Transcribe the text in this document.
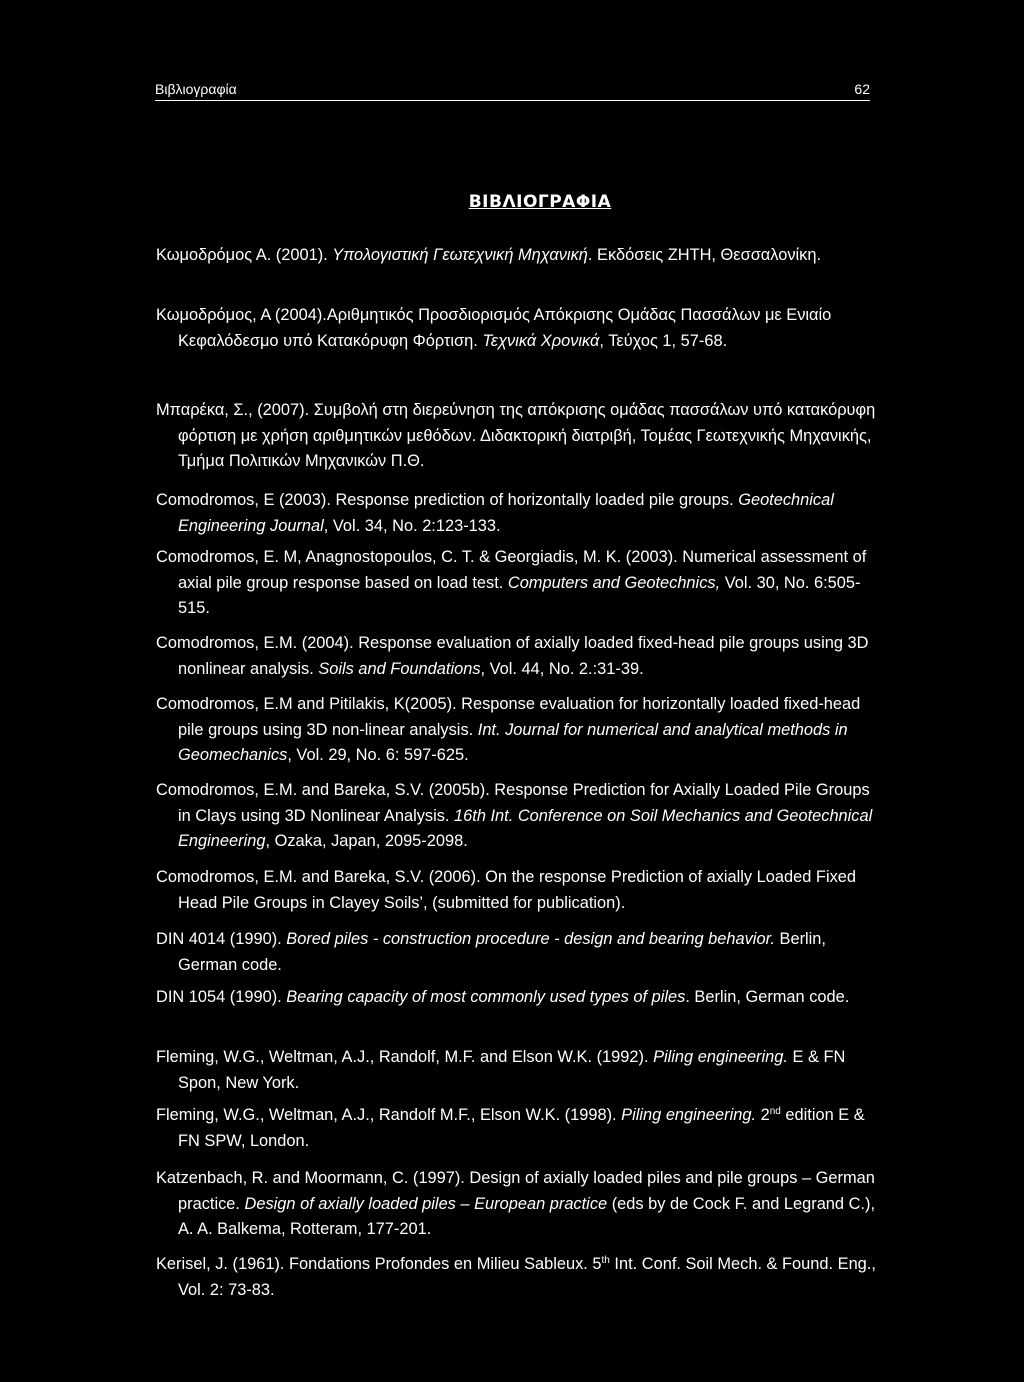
Βιβλιογραφία	62
ΒΙΒΛΙΟΓΡΑΦΙΑ
Κωμοδρόμος Α. (2001). Υπολογιστική Γεωτεχνική Μηχανική. Εκδόσεις ΖΗΤΗ, Θεσσαλονίκη.
Κωμοδρόμος, Α (2004).Αριθμητικός Προσδιορισμός Απόκρισης Ομάδας Πασσάλων με Ενιαίο Κεφαλόδεσμο υπό Κατακόρυφη Φόρτιση. Τεχνικά Χρονικά, Τεύχος 1, 57-68.
Μπαρέκα, Σ., (2007). Συμβολή στη διερεύνηση της απόκρισης ομάδας πασσάλων υπό κατακόρυφη φόρτιση με χρήση αριθμητικών μεθόδων. Διδακτορική διατριβή, Τομέας Γεωτεχνικής Μηχανικής, Τμήμα Πολιτικών Μηχανικών Π.Θ.
Comodromos, E (2003). Response prediction of horizontally loaded pile groups. Geotechnical Engineering Journal, Vol. 34, No. 2:123-133.
Comodromos, E. M, Anagnostopoulos, C. T. & Georgiadis, M. K. (2003). Numerical assessment of axial pile group response based on load test. Computers and Geotechnics, Vol. 30, No. 6:505-515.
Comodromos, E.M. (2004). Response evaluation of axially loaded fixed-head pile groups using 3D nonlinear analysis. Soils and Foundations, Vol. 44, No. 2.:31-39.
Comodromos, E.M and Pitilakis, K(2005). Response evaluation for horizontally loaded fixed-head pile groups using 3D non-linear analysis. Int. Journal for numerical and analytical methods in Geomechanics, Vol. 29, No. 6: 597-625.
Comodromos, E.M. and Bareka, S.V. (2005b). Response Prediction for Axially Loaded Pile Groups in Clays using 3D Nonlinear Analysis. 16th Int. Conference on Soil Mechanics and Geotechnical Engineering, Ozaka, Japan, 2095-2098.
Comodromos, E.M. and Bareka, S.V. (2006). On the response Prediction of axially Loaded Fixed Head Pile Groups in Clayey Soils’, (submitted for publication).
DIN 4014 (1990). Bored piles - construction procedure - design and bearing behavior. Berlin, German code.
DIN 1054 (1990). Bearing capacity of most commonly used types of piles. Berlin, German code.
Fleming, W.G., Weltman, A.J., Randolf, M.F. and Elson W.K. (1992). Piling engineering. E & FN Spon, New York.
Fleming, W.G., Weltman, A.J., Randolf M.F., Elson W.K. (1998). Piling engineering. 2nd edition E & FN SPW, London.
Katzenbach, R. and Moormann, C. (1997). Design of axially loaded piles and pile groups – German practice. Design of axially loaded piles – European practice (eds by de Cock F. and Legrand C.), A. A. Balkema, Rotteram, 177-201.
Kerisel, J. (1961). Fondations Profondes en Milieu Sableux. 5th Int. Conf. Soil Mech. & Found. Eng., Vol. 2: 73-83.
